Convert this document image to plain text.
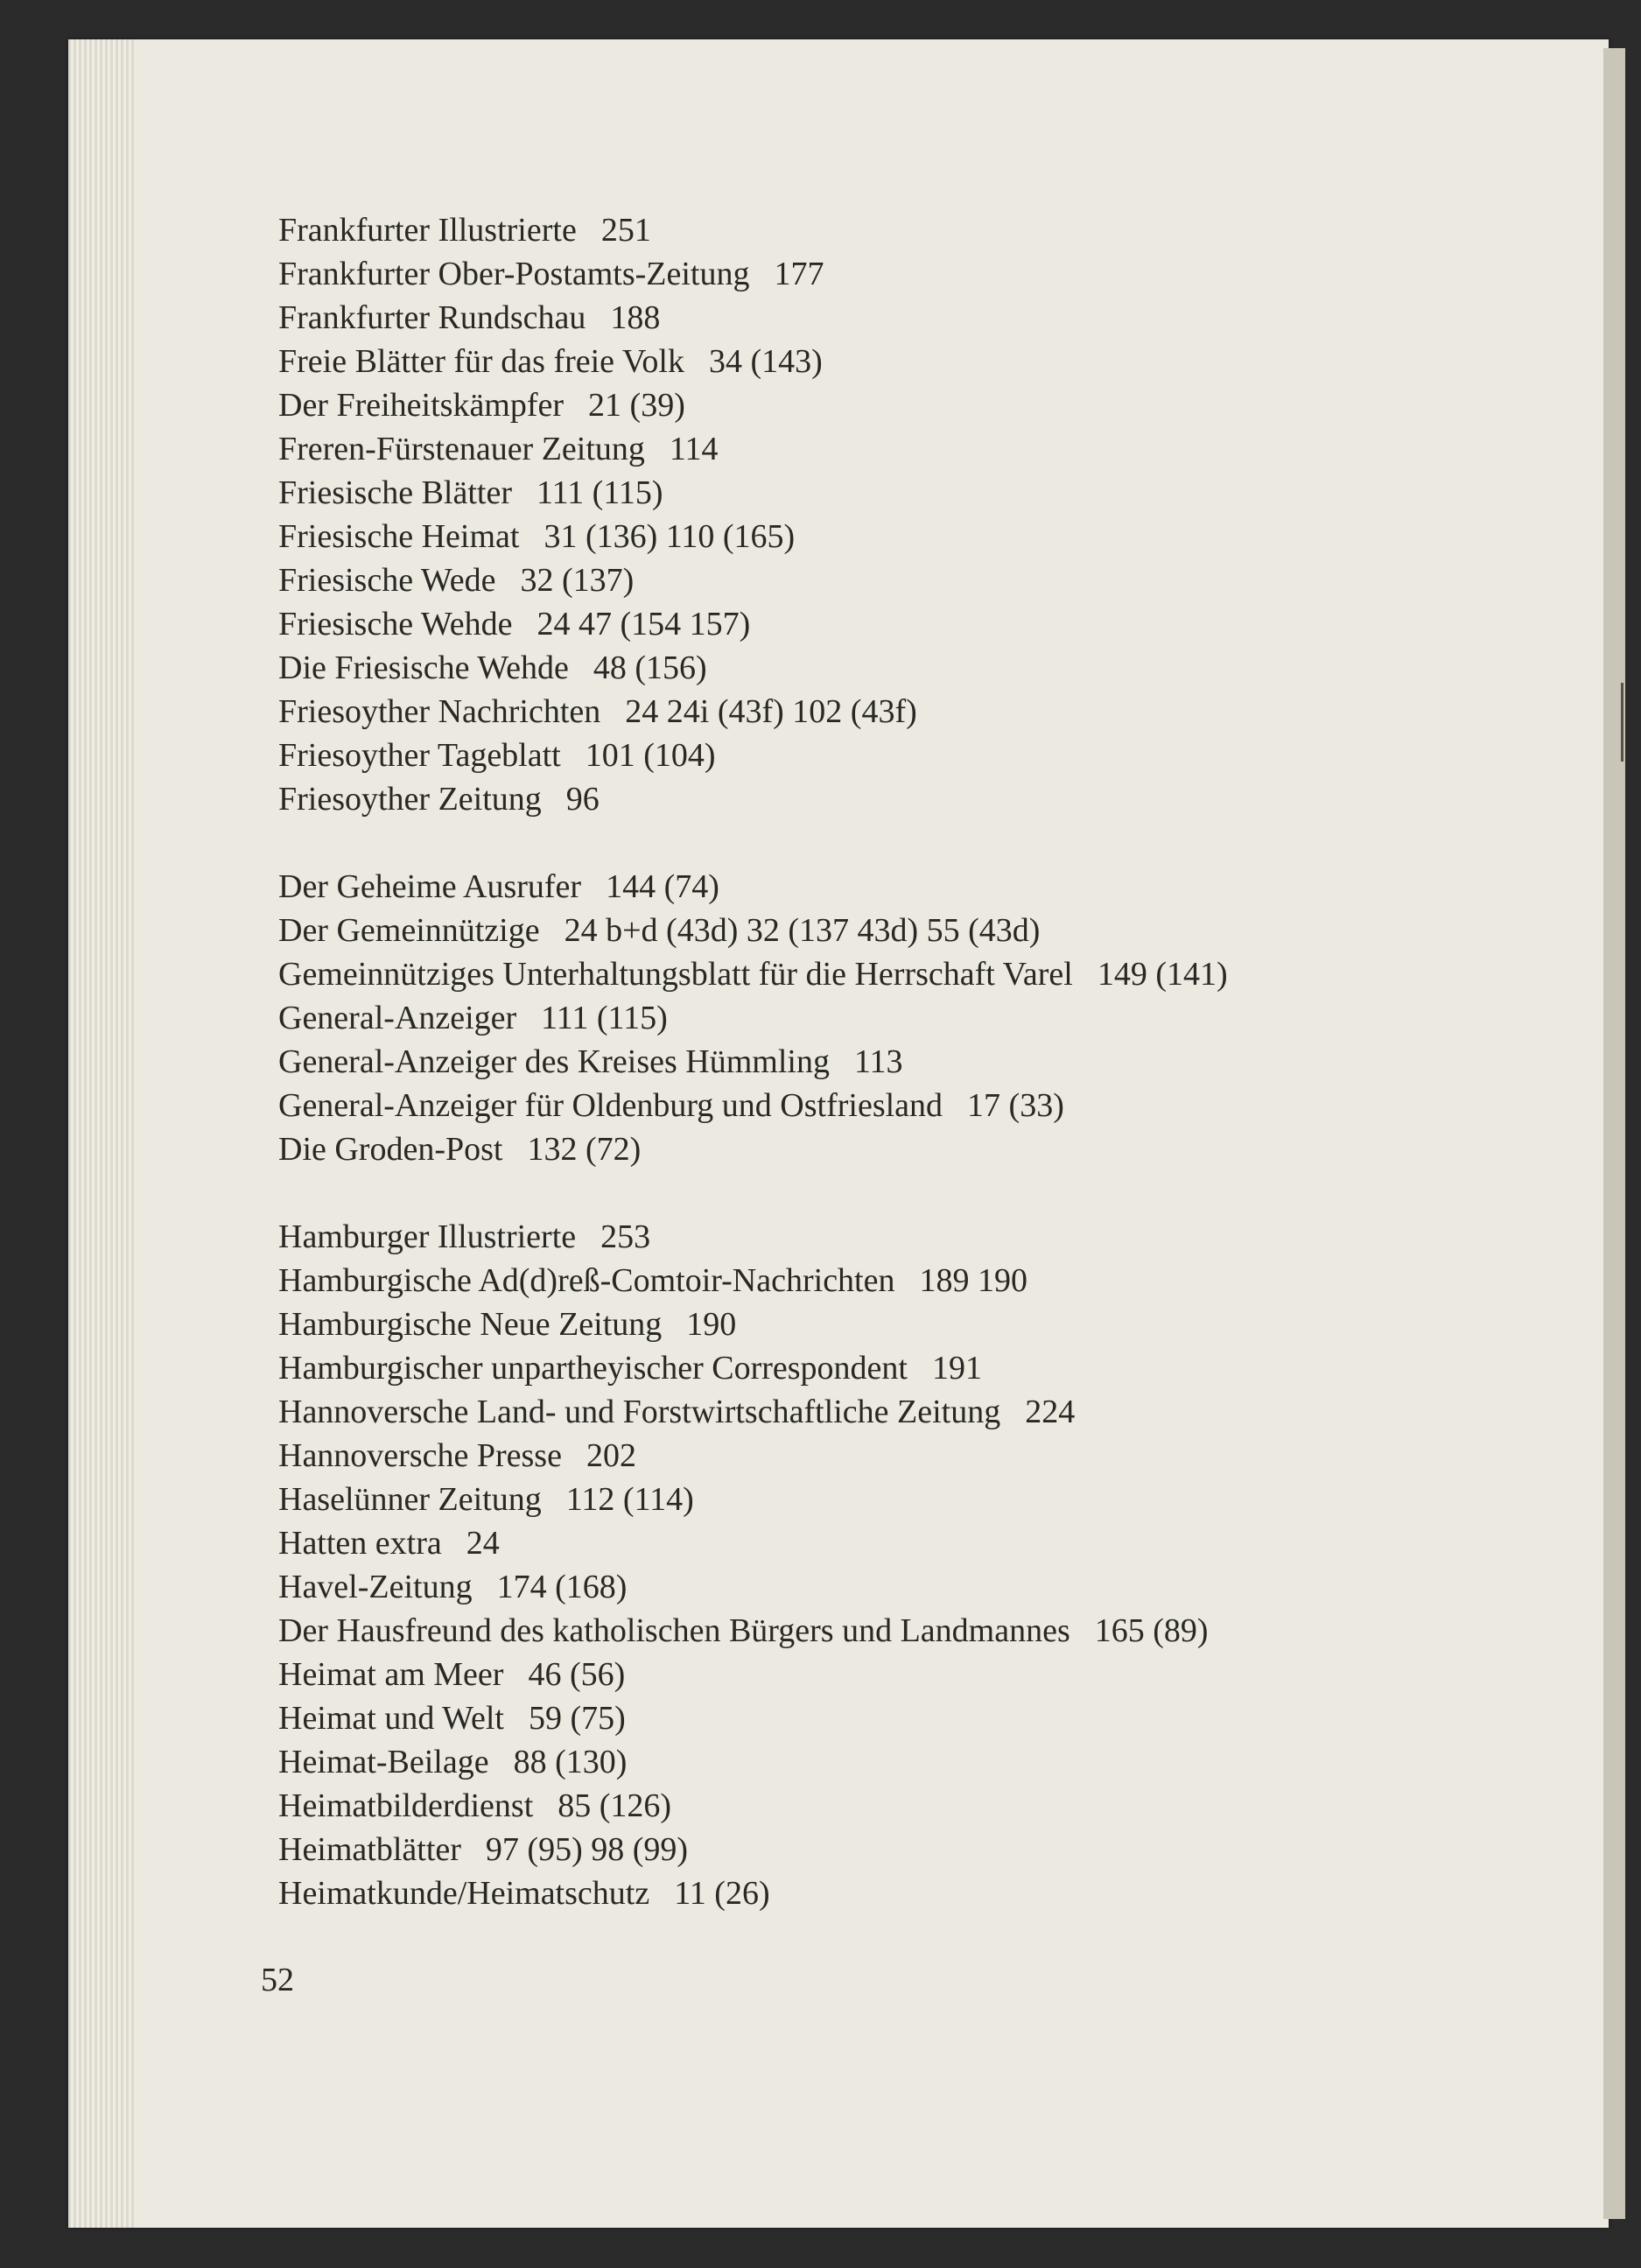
Frankfurter Illustrierte 251
Frankfurter Ober-Postamts-Zeitung 177
Frankfurter Rundschau 188
Freie Blätter für das freie Volk 34 (143)
Der Freiheitskämpfer 21 (39)
Freren-Fürstenauer Zeitung 114
Friesische Blätter 111 (115)
Friesische Heimat 31 (136) 110 (165)
Friesische Wede 32 (137)
Friesische Wehde 24 47 (154 157)
Die Friesische Wehde 48 (156)
Friesoyther Nachrichten 24 24i (43f) 102 (43f)
Friesoyther Tageblatt 101 (104)
Friesoyther Zeitung 96
Der Geheime Ausrufer 144 (74)
Der Gemeinnützige 24 b+d (43d) 32 (137 43d) 55 (43d)
Gemeinnütziges Unterhaltungsblatt für die Herrschaft Varel 149 (141)
General-Anzeiger 111 (115)
General-Anzeiger des Kreises Hümmling 113
General-Anzeiger für Oldenburg und Ostfriesland 17 (33)
Die Groden-Post 132 (72)
Hamburger Illustrierte 253
Hamburgische Ad(d)reß-Comtoir-Nachrichten 189 190
Hamburgische Neue Zeitung 190
Hamburgischer unpartheyischer Correspondent 191
Hannoversche Land- und Forstwirtschaftliche Zeitung 224
Hannoversche Presse 202
Haselünner Zeitung 112 (114)
Hatten extra 24
Havel-Zeitung 174 (168)
Der Hausfreund des katholischen Bürgers und Landmannes 165 (89)
Heimat am Meer 46 (56)
Heimat und Welt 59 (75)
Heimat-Beilage 88 (130)
Heimatbilderdienst 85 (126)
Heimatblätter 97 (95) 98 (99)
Heimatkunde/Heimatschutz 11 (26)
52
